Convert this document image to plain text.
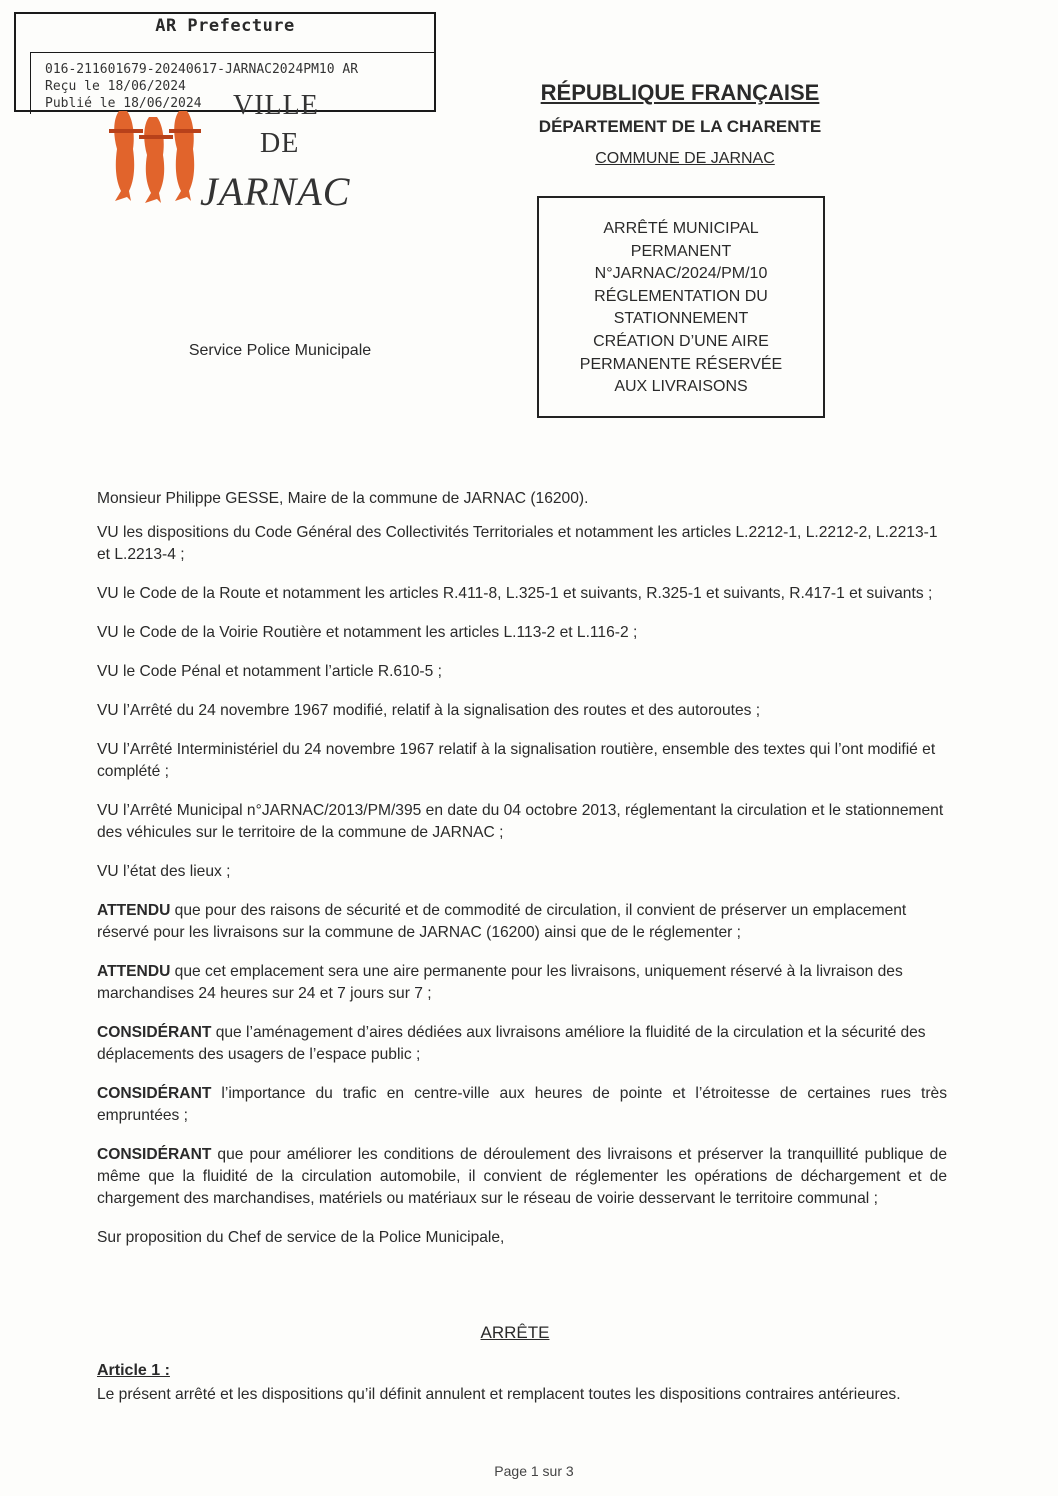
AR Prefecture
016-211601679-20240617-JARNAC2024PM10 AR
Reçu le 18/06/2024
Publié le 18/06/2024	VILLE
DE
JARNAC
RÉPUBLIQUE FRANÇAISE
DÉPARTEMENT DE LA CHARENTE
COMMUNE DE JARNAC
ARRÊTÉ MUNICIPAL
PERMANENT
N°JARNAC/2024/PM/10
RÉGLEMENTATION DU
STATIONNEMENT
CRÉATION D’UNE AIRE
PERMANENTE RÉSERVÉE
AUX LIVRAISONS
Service Police Municipale

Monsieur Philippe GESSE, Maire de la commune de JARNAC (16200).

VU les dispositions du Code Général des Collectivités Territoriales et notamment les articles L.2212-1, L.2212-2, L.2213-1 et L.2213-4 ;

VU le Code de la Route et notamment les articles R.411-8, L.325-1 et suivants, R.325-1 et suivants, R.417-1 et suivants ;

VU le Code de la Voirie Routière et notamment les articles L.113-2 et L.116-2 ;

VU le Code Pénal et notamment l’article R.610-5 ;

VU l’Arrêté du 24 novembre 1967 modifié, relatif à la signalisation des routes et des autoroutes ;

VU l’Arrêté Interministériel du 24 novembre 1967 relatif à la signalisation routière, ensemble des textes qui l’ont modifié et complété ;

VU l’Arrêté Municipal n°JARNAC/2013/PM/395 en date du 04 octobre 2013, réglementant la circulation et le stationnement des véhicules sur le territoire de la commune de JARNAC ;

VU l’état des lieux ;

ATTENDU que pour des raisons de sécurité et de commodité de circulation, il convient de préserver un emplacement réservé pour les livraisons sur la commune de JARNAC (16200) ainsi que de le réglementer ;

ATTENDU que cet emplacement sera une aire permanente pour les livraisons, uniquement réservé à la livraison des marchandises 24 heures sur 24 et 7 jours sur 7 ;

CONSIDÉRANT que l’aménagement d’aires dédiées aux livraisons améliore la fluidité de la circulation et la sécurité des déplacements des usagers de l’espace public ;

CONSIDÉRANT l’importance du trafic en centre-ville aux heures de pointe et l’étroitesse de certaines rues très empruntées ;

CONSIDÉRANT que pour améliorer les conditions de déroulement des livraisons et préserver la tranquillité publique de même que la fluidité de la circulation automobile, il convient de réglementer les opérations de déchargement et de chargement des marchandises, matériels ou matériaux sur le réseau de voirie desservant le territoire communal ;

Sur proposition du Chef de service de la Police Municipale,

ARRÊTE
Article 1 :
Le présent arrêté et les dispositions qu’il définit annulent et remplacent toutes les dispositions contraires antérieures.
Page 1 sur 3
